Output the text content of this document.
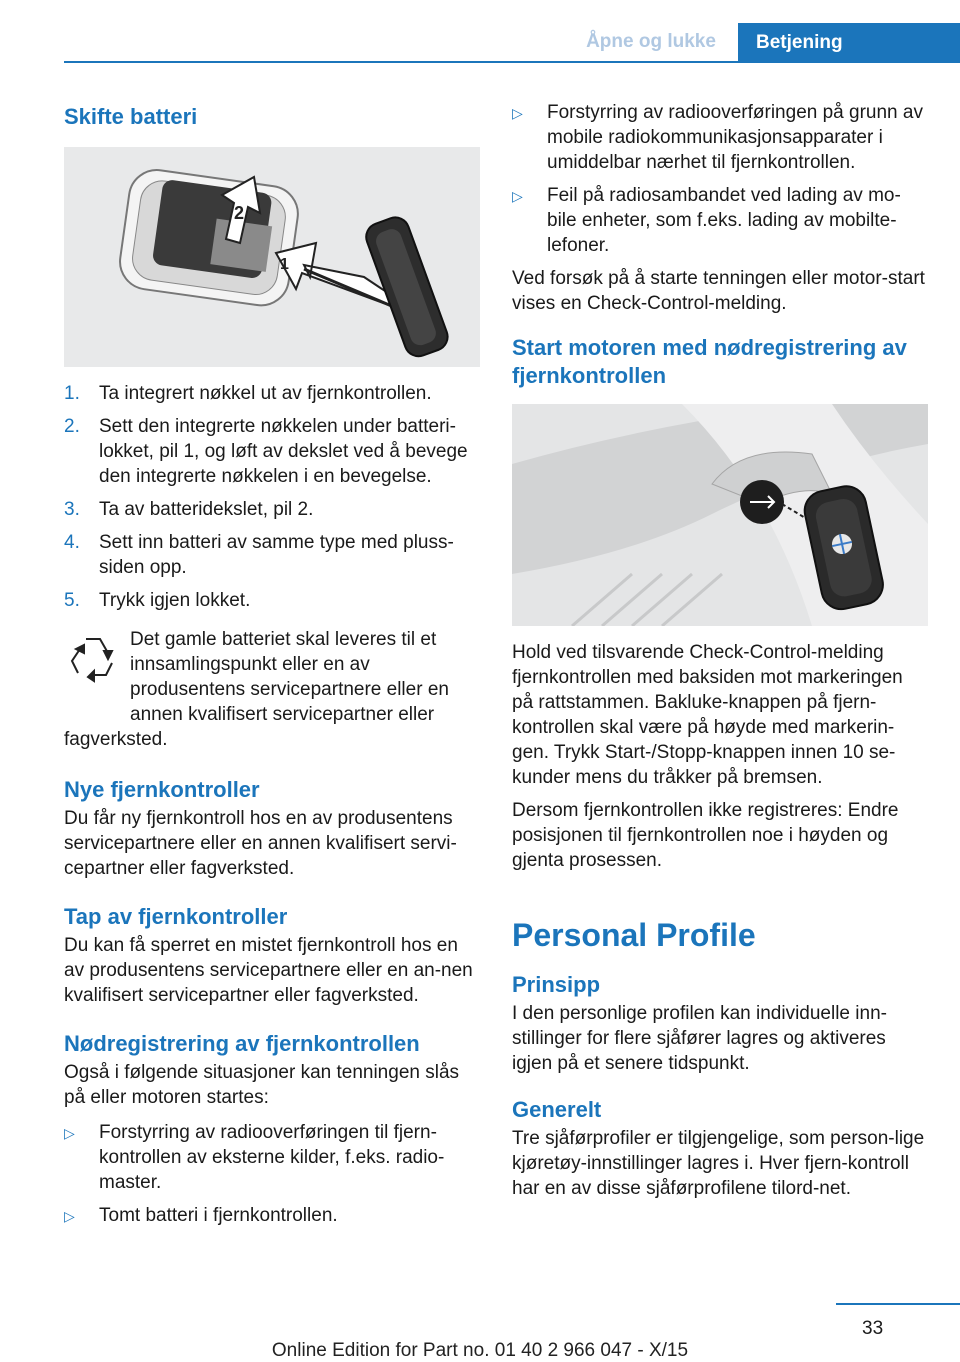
Åpne og lukke	Betjening
Skifte batteri
2
1
1. Ta integrert nøkkel ut av fjernkontrollen.
2. Sett den integrerte nøkkelen under batteri-lokket, pil 1, og løft av dekslet ved å bevege den integrerte nøkkelen i en bevegelse.
3. Ta av batteridekslet, pil 2.
4. Sett inn batteri av samme type med pluss-siden opp.
5. Trykk igjen lokket.

Det gamle batteriet skal leveres til et innsamlingspunkt eller en av produsentens servicepartnere eller en annen kvalifisert servicepartner eller fagverksted.

Nye fjernkontroller

Du får ny fjernkontroll hos en av produsentens servicepartnere eller en annen kvalifisert servi-cepartner eller fagverksted.

Tap av fjernkontroller

Du kan få sperret en mistet fjernkontroll hos en av produsentens servicepartnere eller en an-nen kvalifisert servicepartner eller fagverksted.

Nødregistrering av fjernkontrollen

Også i følgende situasjoner kan tenningen slås på eller motoren startes:

▷ Forstyrring av radiooverføringen til fjern-kontrollen av eksterne kilder, f.eks. radio-master.
▷ Tomt batteri i fjernkontrollen.
▷ Forstyrring av radiooverføringen på grunn av mobile radiokommunikasjonsapparater i umiddelbar nærhet til fjernkontrollen.
▷ Feil på radiosambandet ved lading av mo-bile enheter, som f.eks. lading av mobilte-lefoner.

Ved forsøk på å starte tenningen eller motor-start vises en Check-Control-melding.

Start motoren med nødregistrering av fjernkontrollen

Hold ved tilsvarende Check-Control-melding fjernkontrollen med baksiden mot markeringen på rattstammen. Bakluke-knappen på fjern-kontrollen skal være på høyde med markerin-gen. Trykk Start-/Stopp-knappen innen 10 se-kunder mens du tråkker på bremsen.

Dersom fjernkontrollen ikke registreres: Endre posisjonen til fjernkontrollen noe i høyden og gjenta prosessen.

Personal Profile
Prinsipp

I den personlige profilen kan individuelle inn-stillinger for flere sjåfører lagres og aktiveres igjen på et senere tidspunkt.

Generelt

Tre sjåførprofiler er tilgjengelige, som person-lige kjøretøy-innstillinger lagres i. Hver fjern-kontroll har en av disse sjåførprofilene tilord-net.

33
Online Edition for Part no. 01 40 2 966 047 - X/15
